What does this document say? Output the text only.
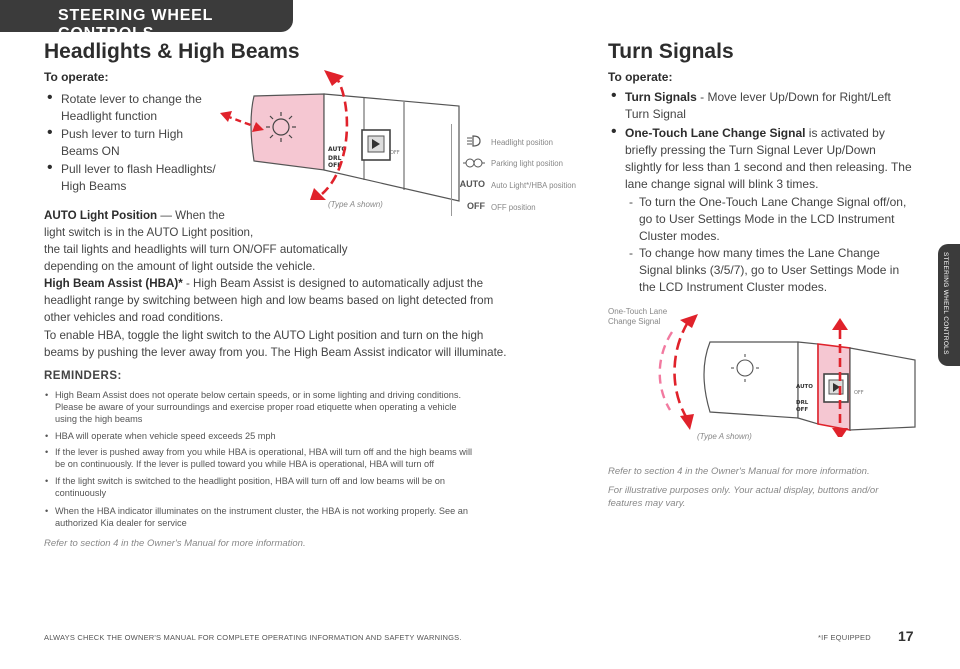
STEERING WHEEL CONTROLS
Headlights & High Beams
To operate:
• Rotate lever to change the
Headlight function
• Push lever to turn High
Beams ON
• Pull lever to flash Headlights/
High Beams
AUTO Light Position — When the
light switch is in the AUTO Light position,
the tail lights and headlights will turn ON/OFF automatically
depending on the amount of light outside the vehicle.
High Beam Assist (HBA)* - High Beam Assist is designed to automatically adjust the
headlight range by switching between high and low beams based on light detected from
other vehicles and road conditions.
To enable HBA, toggle the light switch to the AUTO Light position and turn on the high
beams by pushing the lever away from you. The High Beam Assist indicator will illuminate.
REMINDERS:
• High Beam Assist does not operate below certain speeds, or in some lighting and driving conditions.
Please be aware of your surroundings and exercise proper road etiquette when operating a vehicle
using the high beams
• HBA will operate when vehicle speed exceeds 25 mph
• If the lever is pushed away from you while HBA is operational, HBA will turn off and the high beams will
be on continuously. If the lever is pulled toward you while HBA is operational, HBA will turn off
• If the light switch is switched to the headlight position, HBA will turn off and low beams will be on
continuously
• When the HBA indicator illuminates on the instrument cluster, the HBA is not working properly. See an
authorized Kia dealer for service
Refer to section 4 in the Owner's Manual for more information.
AUTO
DRL
OFF
OFF
(Type A shown)
Headlight position
Parking light position
AUTO Auto Light*/HBA position
OFF OFF position
Turn Signals
To operate:
• Turn Signals - Move lever Up/Down for Right/Left
Turn Signal
• One-Touch Lane Change Signal is activated by
briefly pressing the Turn Signal Lever Up/Down
slightly for less than 1 second and then releasing. The
lane change signal will blink 3 times.
- To turn the One-Touch Lane Change Signal off/on,
go to User Settings Mode in the LCD Instrument
Cluster modes.
- To change how many times the Lane Change
Signal blinks (3/5/7), go to User Settings Mode in
the LCD Instrument Cluster modes.
One-Touch Lane
Change Signal
AUTO
DRL
OFF
OFF
(Type A shown)
Refer to section 4 in the Owner's Manual for more information.
For illustrative purposes only. Your actual display, buttons and/or
features may vary.
STEERING WHEEL CONTROLS
ALWAYS CHECK THE OWNER'S MANUAL FOR COMPLETE OPERATING INFORMATION AND SAFETY WARNINGS.	*IF EQUIPPED 17
